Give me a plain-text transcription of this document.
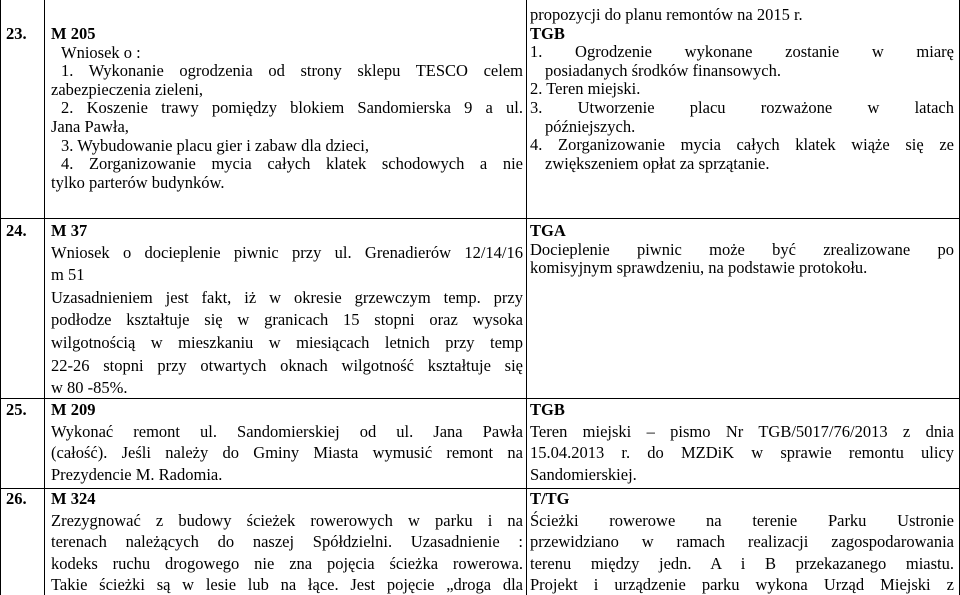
23. M 205
Wniosek o :
1. Wykonanie ogrodzenia od strony sklepu TESCO celem
zabezpieczenia zieleni,
2. Koszenie trawy pomiędzy blokiem Sandomierska 9 a ul.
Jana Pawła,
3. Wybudowanie placu gier i zabaw dla dzieci,
4. Zorganizowanie mycia całych klatek schodowych a nie
tylko parterów budynków.
propozycji do planu remontów na 2015 r.
TGB
1. Ogrodzenie wykonane zostanie w miarę
posiadanych środków finansowych.
2. Teren miejski.
3. Utworzenie placu rozważone w latach
późniejszych.
4. Zorganizowanie mycia całych klatek wiąże się ze
zwiększeniem opłat za sprzątanie.
24. M 37
Wniosek o docieplenie piwnic przy ul. Grenadierów 12/14/16
m 51
Uzasadnieniem jest fakt, iż w okresie grzewczym temp. przy
podłodze kształtuje się w granicach 15 stopni oraz wysoka
wilgotnością w mieszkaniu w miesiącach letnich przy temp
22-26 stopni przy otwartych oknach wilgotność kształtuje się
w 80 -85%.
TGA
Docieplenie piwnic może być zrealizowane po
komisyjnym sprawdzeniu, na podstawie protokołu.
25. M 209
Wykonać remont ul. Sandomierskiej od ul. Jana Pawła
(całość). Jeśli należy do Gminy Miasta wymusić remont na
Prezydencie M. Radomia.
TGB
Teren miejski – pismo Nr TGB/5017/76/2013 z dnia
15.04.2013 r. do MZDiK w sprawie remontu ulicy
Sandomierskiej.
26. M 324
Zrezygnować z budowy ścieżek rowerowych w parku i na
terenach należących do naszej Spółdzielni. Uzasadnienie :
kodeks ruchu drogowego nie zna pojęcia ścieżka rowerowa.
Takie ścieżki są w lesie lub na łące. Jest pojęcie „droga dla
T/TG
Ścieżki rowerowe na terenie Parku Ustronie
przewidziano w ramach realizacji zagospodarowania
terenu między jedn. A i B przekazanego miastu.
Projekt i urządzenie parku wykona Urząd Miejski z
